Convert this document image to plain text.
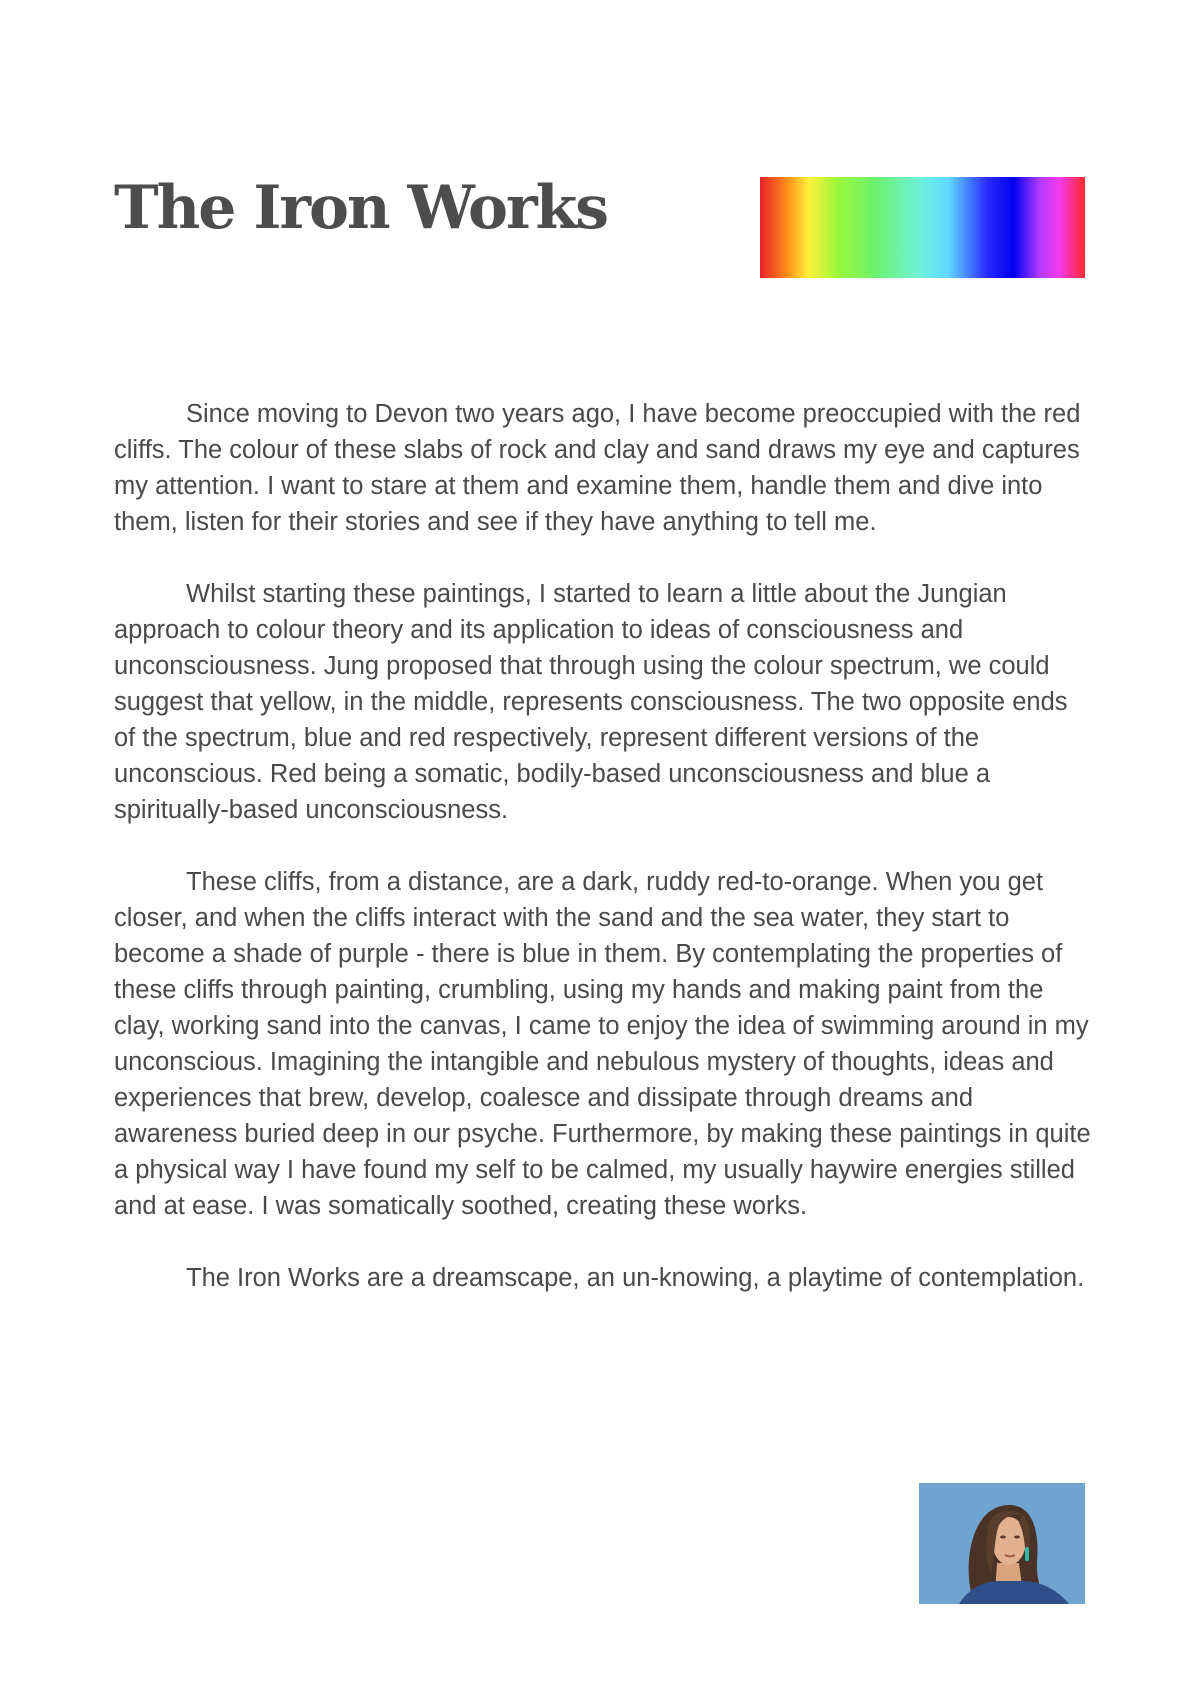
The Iron Works

Since moving to Devon two years ago, I have become preoccupied with the red cliffs. The colour of these slabs of rock and clay and sand draws my eye and captures my attention. I want to stare at them and examine them, handle them and dive into them, listen for their stories and see if they have anything to tell me.

Whilst starting these paintings, I started to learn a little about the Jungian approach to colour theory and its application to ideas of consciousness and unconsciousness. Jung proposed that through using the colour spectrum, we could suggest that yellow, in the middle, represents consciousness. The two opposite ends of the spectrum, blue and red respectively, represent different versions of the unconscious. Red being a somatic, bodily-based unconsciousness and blue a spiritually-based unconsciousness.

These cliffs, from a distance, are a dark, ruddy red-to-orange. When you get closer, and when the cliffs interact with the sand and the sea water, they start to become a shade of purple - there is blue in them. By contemplating the properties of these cliffs through painting, crumbling, using my hands and making paint from the clay, working sand into the canvas, I came to enjoy the idea of swimming around in my unconscious. Imagining the intangible and nebulous mystery of thoughts, ideas and experiences that brew, develop, coalesce and dissipate through dreams and awareness buried deep in our psyche. Furthermore, by making these paintings in quite a physical way I have found my self to be calmed, my usually haywire energies stilled and at ease. I was somatically soothed, creating these works.

The Iron Works are a dreamscape, an un-knowing, a playtime of contemplation.
